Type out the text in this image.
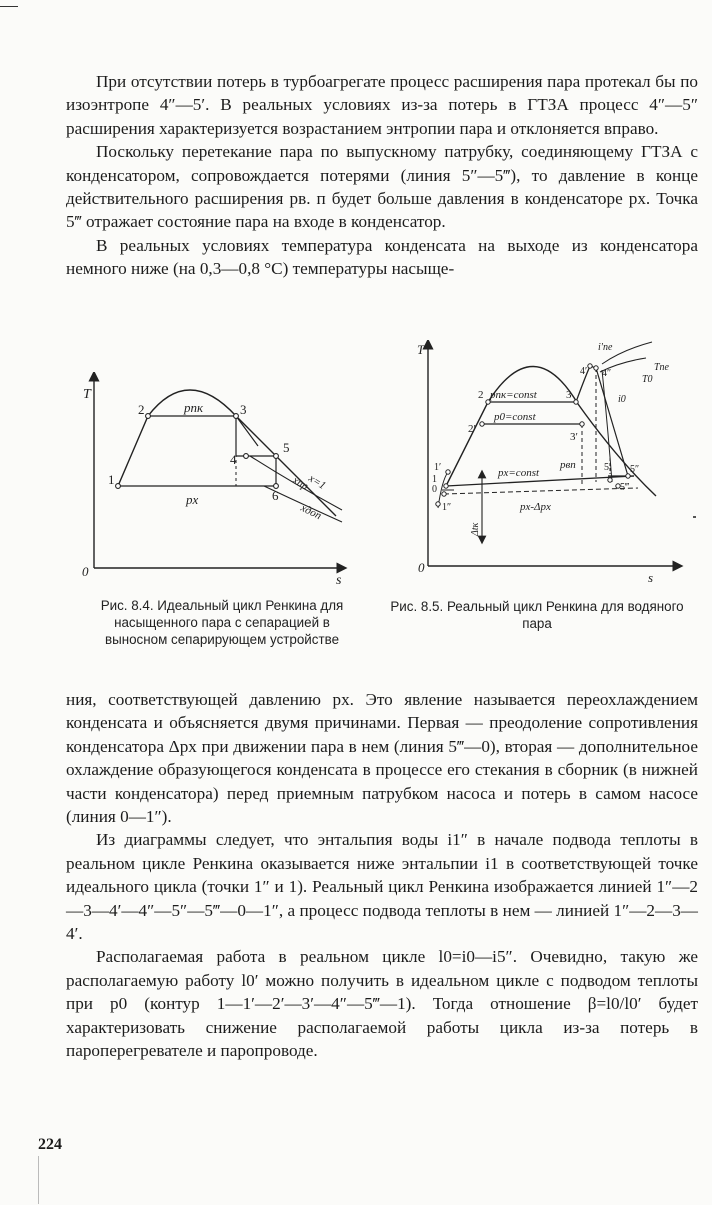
При отсутствии потерь в турбоагрегате процесс расширения пара протекал бы по изоэнтропе 4″—5′. В реальных условиях из-за потерь в ГТЗА процесс 4″—5″ расширения характеризуется возрастанием энтропии пара и отклоняется вправо.

Поскольку перетекание пара по выпускному патрубку, соединяющему ГТЗА с конденсатором, сопровождается потерями (линия 5″—5‴), то давление в конце действительного расширения pв. п будет больше давления в конденсаторе pх. Точка 5‴ отражает состояние пара на входе в конденсатор.

В реальных условиях температура конденсата на выходе из конденсатора немного ниже (на 0,3—0,8 °С) температуры насыще-

T
s
0
1
2	3
4
5
6
pпк
px
x=1
xпр
xдоп
Рис. 8.4. Идеальный цикл Ренкина для насыщенного пара с сепарацией в выносном сепарирующем устройстве
T
s
0
pпк=const
p0=const
px=const
pвп
px-Δpx
Δtк
i′пе
i0
Tпе
T0
1′
1
0
1″
2
2′
3
3′
4″
4′
5″
5′
5‴
Рис. 8.5. Реальный цикл Ренкина для водяного пара

ния, соответствующей давлению px. Это явление называется переохлаждением конденсата и объясняется двумя причинами. Первая — преодоление сопротивления конденсатора Δpх при движении пара в нем (линия 5‴—0), вторая — дополнительное охлаждение образующегося конденсата в процессе его стекания в сборник (в нижней части конденсатора) перед приемным патрубком насоса и потерь в самом насосе (линия 0—1″).

Из диаграммы следует, что энтальпия воды i1″ в начале подвода теплоты в реальном цикле Ренкина оказывается ниже энтальпии i1 в соответствующей точке идеального цикла (точки 1″ и 1). Реальный цикл Ренкина изображается линией 1″—2—3—4′—4″—5″—5‴—0—1″, а процесс подвода теплоты в нем — линией 1″—2—3—4′.

Располагаемая работа в реальном цикле l0=i0—i5″. Очевидно, такую же располагаемую работу l0′ можно получить в идеальном цикле с подводом теплоты при p0 (контур 1—1′—2′—3′—4″—5‴—1). Тогда отношение β=l0/l0′ будет характеризовать снижение располагаемой работы цикла из-за потерь в пароперегревателе и паропроводе.

224
